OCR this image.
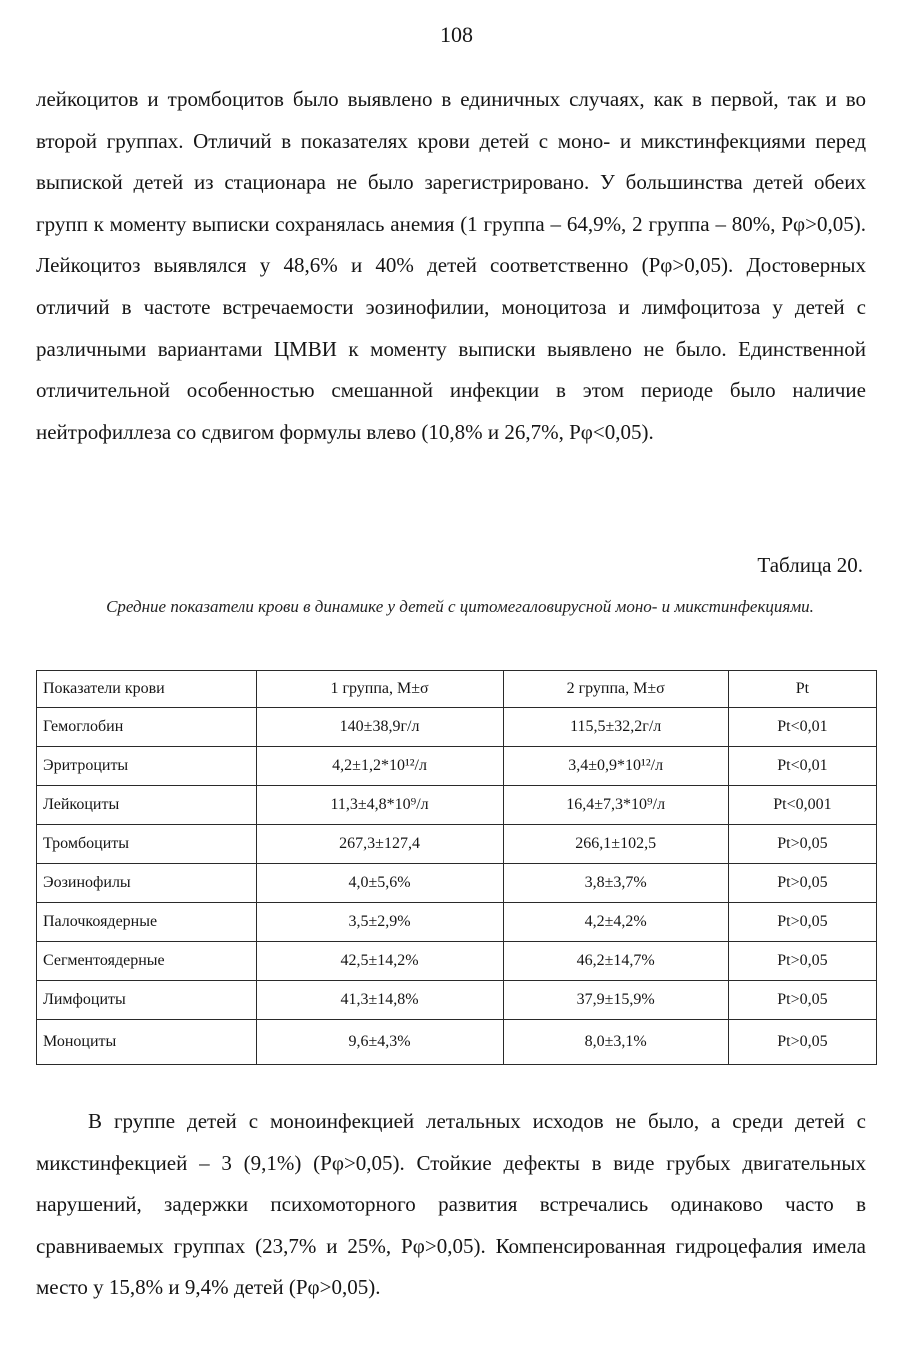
108

лейкоцитов и тромбоцитов было выявлено в единичных случаях, как в первой, так и во второй группах. Отличий в показателях крови детей с моно- и микстинфекциями перед выпиской детей из стационара не было зарегистрировано. У большинства детей обеих групп к моменту выписки сохранялась анемия (1 группа – 64,9%, 2 группа – 80%, Рφ>0,05). Лейкоцитоз выявлялся у 48,6% и 40% детей соответственно (Рφ>0,05). Достоверных отличий в частоте встречаемости эозинофилии, моноцитоза и лимфоцитоза у детей с различными вариантами ЦМВИ к моменту выписки выявлено не было. Единственной отличительной особенностью смешанной инфекции в этом периоде было наличие нейтрофиллеза со сдвигом формулы влево (10,8% и 26,7%, Рφ<0,05).

Таблица 20.
Средние показатели крови в динамике у детей с цитомегаловирусной моно- и микстинфекциями.
Показатели крови	1 группа, M±σ	2 группа, M±σ	Pt
Гемоглобин	140±38,9г/л	115,5±32,2г/л	Pt<0,01
Эритроциты	4,2±1,2*10¹²/л	3,4±0,9*10¹²/л	Pt<0,01
Лейкоциты	11,3±4,8*10⁹/л	16,4±7,3*10⁹/л	Pt<0,001
Тромбоциты	267,3±127,4	266,1±102,5	Pt>0,05
Эозинофилы	4,0±5,6%	3,8±3,7%	Pt>0,05
Палочкоядерные	3,5±2,9%	4,2±4,2%	Pt>0,05
Сегментоядерные	42,5±14,2%	46,2±14,7%	Pt>0,05
Лимфоциты	41,3±14,8%	37,9±15,9%	Pt>0,05
Моноциты	9,6±4,3%	8,0±3,1%	Pt>0,05

В группе детей с моноинфекцией летальных исходов не было, а среди детей с микстинфекцией – 3 (9,1%) (Рφ>0,05). Стойкие дефекты в виде грубых двигательных нарушений, задержки психомоторного развития встречались одинаково часто в сравниваемых группах (23,7% и 25%, Рφ>0,05). Компенсированная гидроцефалия имела место у 15,8% и 9,4% детей (Рφ>0,05).
